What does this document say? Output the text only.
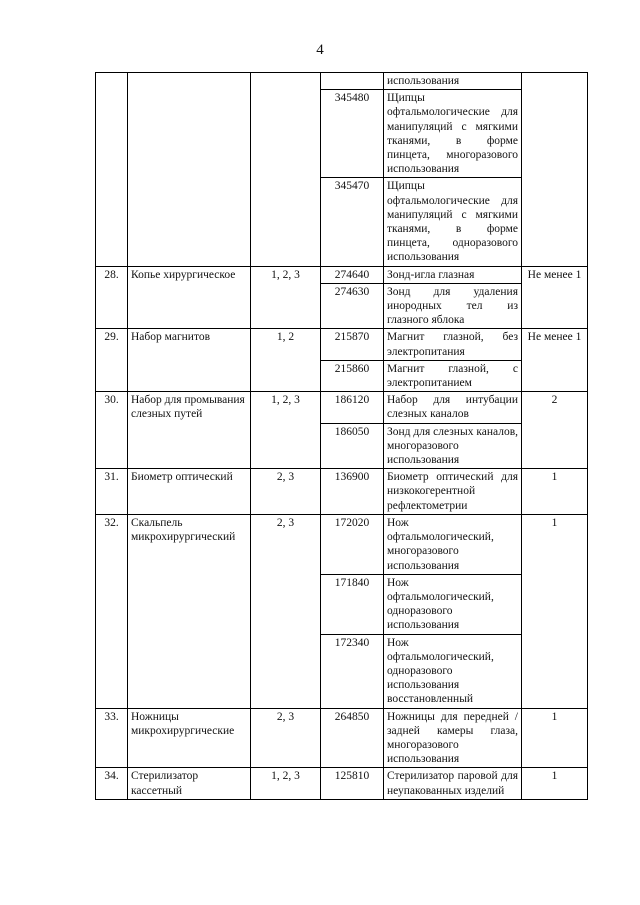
4
				использования	
			345480	Щипцы офтальмологические для манипуляций с мягкими тканями, в форме пинцета, многоразового использования	
			345470	Щипцы офтальмологические для манипуляций с мягкими тканями, в форме пинцета, одноразового использования	
28.	Копье хирургическое	1, 2, 3	274640	Зонд-игла глазная	Не менее 1
			274630	Зонд для удаления инородных тел из глазного яблока	
29.	Набор магнитов	1, 2	215870	Магнит глазной, без электропитания	Не менее 1
			215860	Магнит глазной, с электропитанием	
30.	Набор для промывания слезных путей	1, 2, 3	186120	Набор для интубации слезных каналов	2
			186050	Зонд для слезных каналов, многоразового использования	
31.	Биометр оптический	2, 3	136900	Биометр оптический для низкокогерентной рефлектометрии	1
32.	Скальпель микрохирургический	2, 3	172020	Нож офтальмологический, многоразового использования	1
			171840	Нож офтальмологический, одноразового использования	
			172340	Нож офтальмологический, одноразового использования восстановленный	
33.	Ножницы микрохирургические	2, 3	264850	Ножницы для передней / задней камеры глаза, многоразового использования	1
34.	Стерилизатор кассетный	1, 2, 3	125810	Стерилизатор паровой для неупакованных изделий	1
